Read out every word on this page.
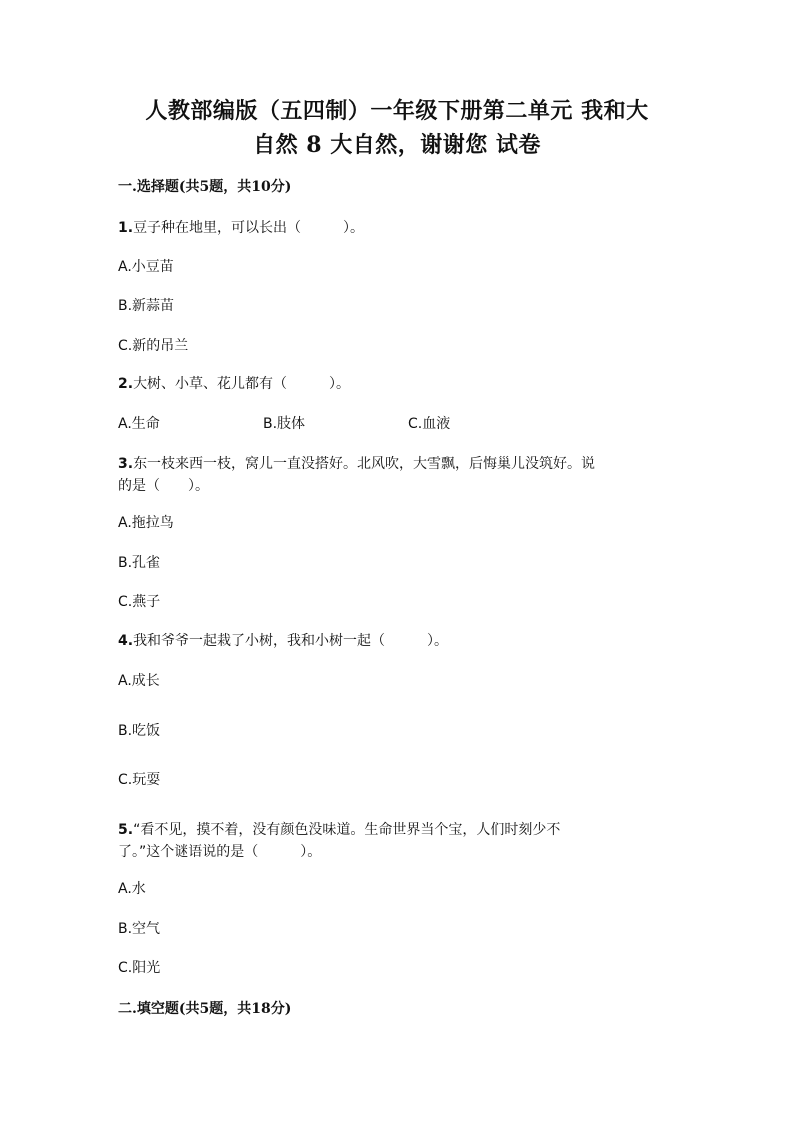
人教部编版（五四制）一年级下册第二单元 我和大
自然 8 大自然，谢谢您 试卷
一.选择题(共5题，共10分)
1.豆子种在地里，可以长出（　　　）。
A.小豆苗
B.新蒜苗
C.新的吊兰
2.大树、小草、花儿都有（　　　）。
A.生命	B.肢体	C.血液
3.东一枝来西一枝，窝儿一直没搭好。北风吹，大雪飘，后悔巢儿没筑好。说
的是（　　）。
A.拖拉鸟
B.孔雀
C.燕子
4.我和爷爷一起栽了小树，我和小树一起（　　　）。
A.成长
B.吃饭
C.玩耍
5.“看不见，摸不着，没有颜色没味道。生命世界当个宝，人们时刻少不
了。”这个谜语说的是（　　　）。
A.水
B.空气
C.阳光
二.填空题(共5题，共18分)
